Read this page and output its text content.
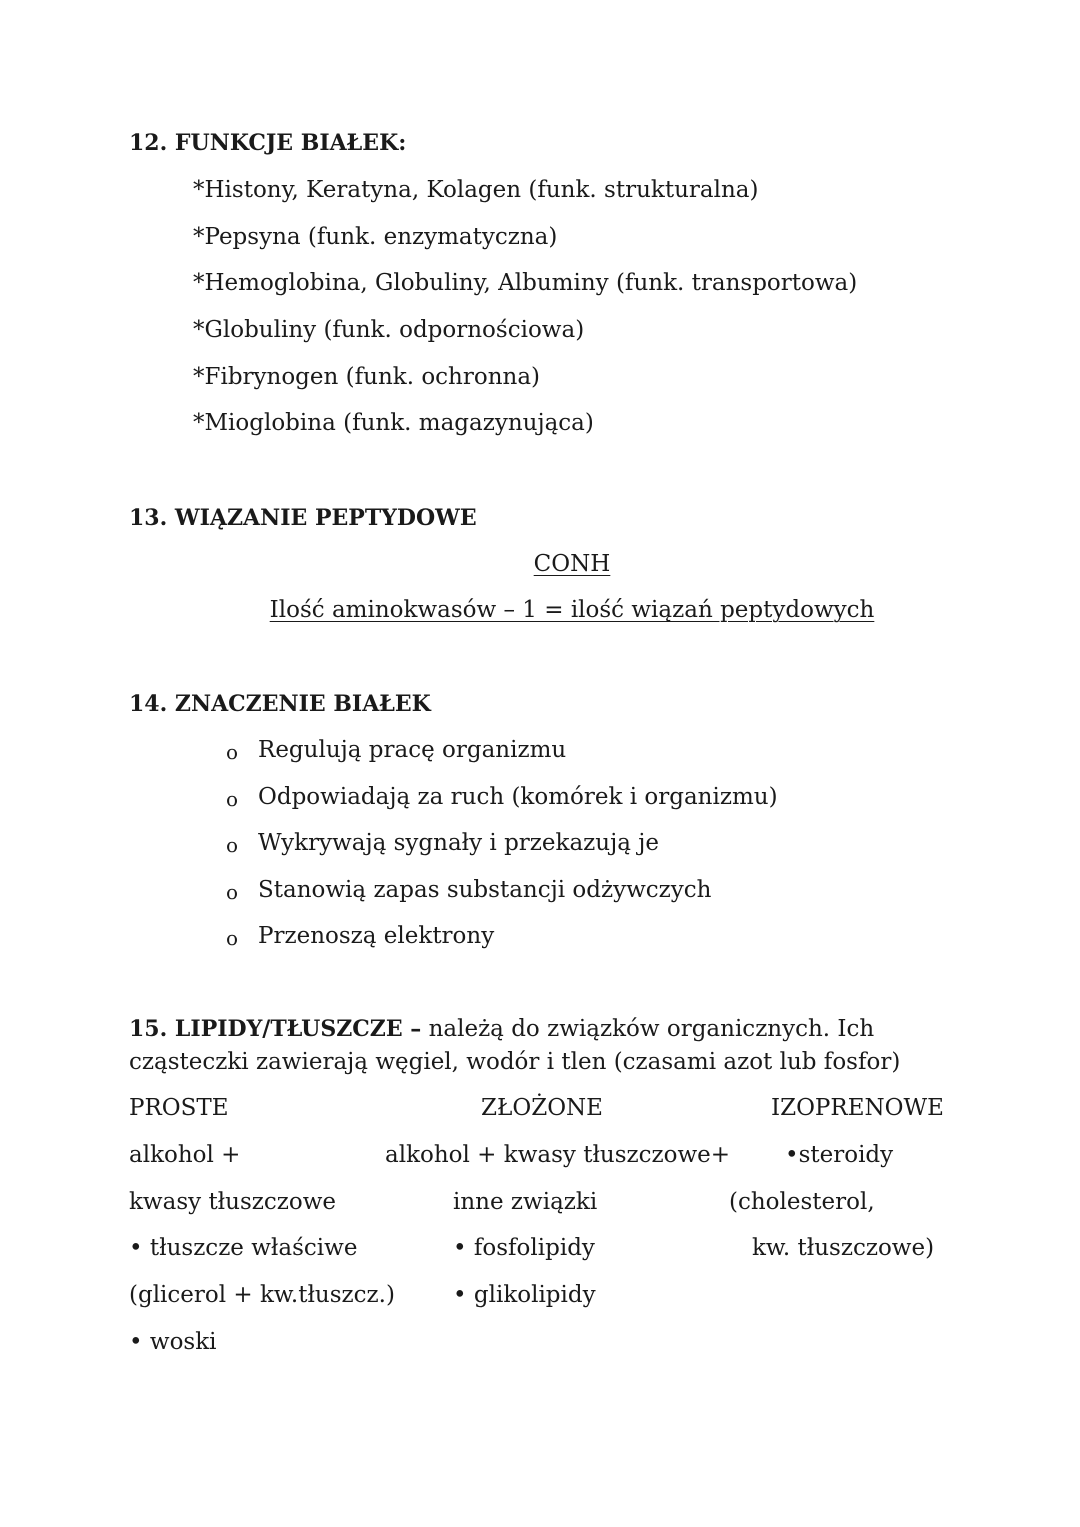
12. FUNKCJE BIAŁEK:
*Histony, Keratyna, Kolagen (funk. strukturalna)
*Pepsyna (funk. enzymatyczna)
*Hemoglobina, Globuliny, Albuminy (funk. transportowa)
*Globuliny (funk. odpornościowa)
*Fibrynogen (funk. ochronna)
*Mioglobina (funk. magazynująca)
13. WIĄZANIE PEPTYDOWE
CONH
Ilość aminokwasów – 1 = ilość wiązań peptydowych
14. ZNACZENIE BIAŁEK
o Regulują pracę organizmu
o Odpowiadają za ruch (komórek i organizmu)
o Wykrywają sygnały i przekazują je
o Stanowią zapas substancji odżywczych
o Przenoszą elektrony
15. LIPIDY/TŁUSZCZE – należą do związków organicznych. Ich cząsteczki zawierają węgiel, wodór i tlen (czasami azot lub fosfor)
PROSTE
alkohol +
kwasy tłuszczowe
• tłuszcze właściwe
(glicerol + kw.tłuszcz.)
• woski
ZŁOŻONE
alkohol + kwasy tłuszczowe+
inne związki
• fosfolipidy
• glikolipidy
IZOPRENOWE
•steroidy
(cholesterol,
kw. tłuszczowe)
